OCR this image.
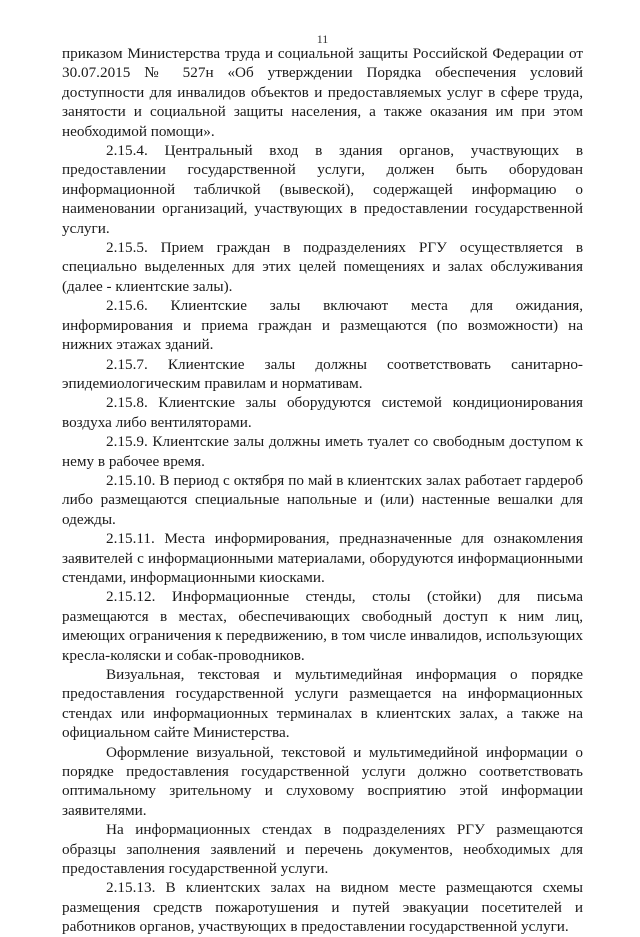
11

приказом Министерства труда и социальной защиты Российской Федерации от 30.07.2015 № 527н «Об утверждении Порядка обеспечения условий доступности для инвалидов объектов и предоставляемых услуг в сфере труда, занятости и социальной защиты населения, а также оказания им при этом необходимой помощи».

2.15.4. Центральный вход в здания органов, участвующих в предоставлении государственной услуги, должен быть оборудован информационной табличкой (вывеской), содержащей информацию о наименовании организаций, участвующих в предоставлении государственной услуги.

2.15.5. Прием граждан в подразделениях РГУ осуществляется в специально выделенных для этих целей помещениях и залах обслуживания (далее - клиентские залы).

2.15.6. Клиентские залы включают места для ожидания, информирования и приема граждан и размещаются (по возможности) на нижних этажах зданий.

2.15.7. Клиентские залы должны соответствовать санитарно-эпидемиологическим правилам и нормативам.

2.15.8. Клиентские залы оборудуются системой кондиционирования воздуха либо вентиляторами.

2.15.9. Клиентские залы должны иметь туалет со свободным доступом к нему в рабочее время.

2.15.10. В период с октября по май в клиентских залах работает гардероб либо размещаются специальные напольные и (или) настенные вешалки для одежды.

2.15.11. Места информирования, предназначенные для ознакомления заявителей с информационными материалами, оборудуются информационными стендами, информационными киосками.

2.15.12. Информационные стенды, столы (стойки) для письма размещаются в местах, обеспечивающих свободный доступ к ним лиц, имеющих ограничения к передвижению, в том числе инвалидов, использующих кресла-коляски и собак-проводников.

Визуальная, текстовая и мультимедийная информация о порядке предоставления государственной услуги размещается на информационных стендах или информационных терминалах в клиентских залах, а также на официальном сайте Министерства.

Оформление визуальной, текстовой и мультимедийной информации о порядке предоставления государственной услуги должно соответствовать оптимальному зрительному и слуховому восприятию этой информации заявителями.

На информационных стендах в подразделениях РГУ размещаются образцы заполнения заявлений и перечень документов, необходимых для предоставления государственной услуги.

2.15.13. В клиентских залах на видном месте размещаются схемы размещения средств пожаротушения и путей эвакуации посетителей и работников органов, участвующих в предоставлении государственной услуги.
